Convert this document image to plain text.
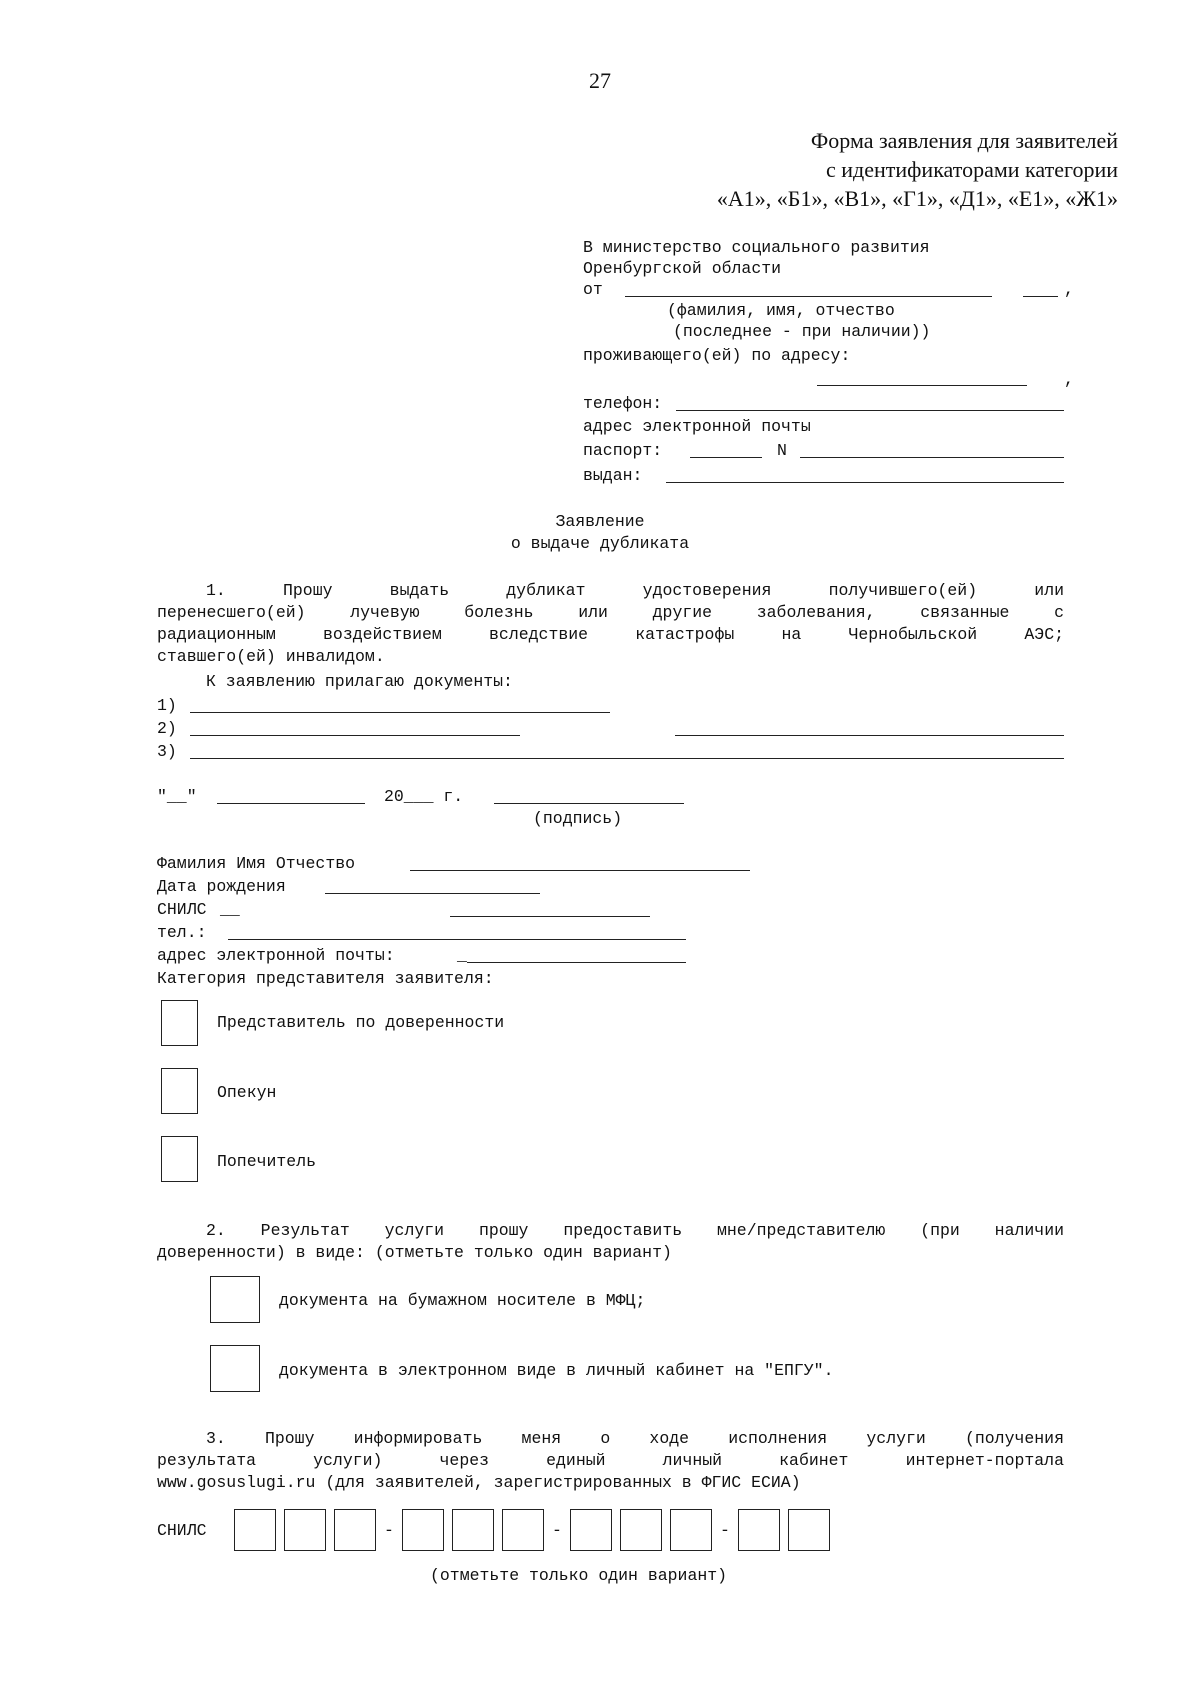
27
Форма заявления для заявителей
с идентификаторами категории
«А1», «Б1», «В1», «Г1», «Д1», «Е1», «Ж1»
В министерство социального развития
Оренбургской области
от	,
(фамилия, имя, отчество
(последнее - при наличии))
проживающего(ей) по адресу:
,
телефон:
адрес электронной почты
паспорт:	N
выдан:
Заявление
о выдаче дубликата
1. Прошу выдать дубликат удостоверения получившего(ей) или
перенесшего(ей) лучевую болезнь или другие заболевания, связанные с
радиационным воздействием вследствие катастрофы на Чернобыльской АЭС;
ставшего(ей) инвалидом.
К заявлению прилагаю документы:
1)
2)
3)
"__"	20___ г.
(подпись)
Фамилия Имя Отчество
Дата рождения
СНИЛС __
тел.:
адрес электронной почты:	_
Категория представителя заявителя:
Представитель по доверенности
Опекун
Попечитель
2. Результат услуги прошу предоставить мне/представителю (при наличии
доверенности) в виде: (отметьте только один вариант)
документа на бумажном носителе в МФЦ;
документа в электронном виде в личный кабинет на "ЕПГУ".
3. Прошу информировать меня о ходе исполнения услуги (получения
результата услуги) через единый личный кабинет интернет-портала
www.gosuslugi.ru (для заявителей, зарегистрированных в ФГИС ЕСИА)
СНИЛС	-	-	-
(отметьте только один вариант)
